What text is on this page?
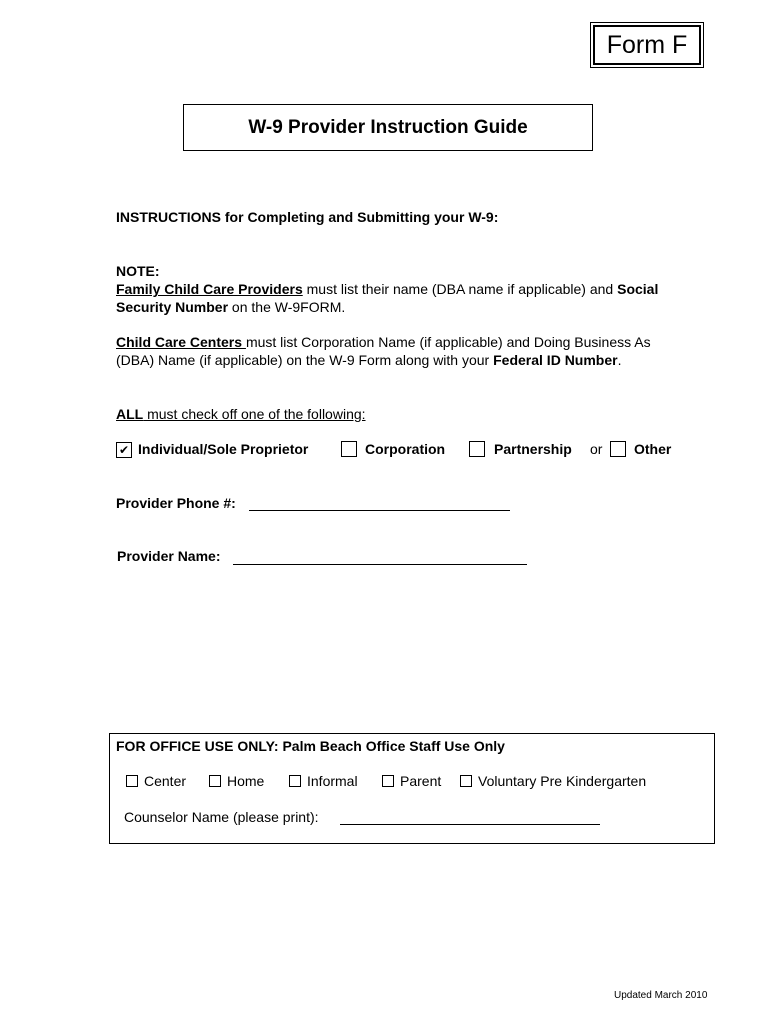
Form F
W-9 Provider Instruction Guide
INSTRUCTIONS for Completing and Submitting your W-9:
NOTE:
Family Child Care Providers must list their name (DBA name if applicable) and Social
Security Number on the W-9FORM.
Child Care Centers must list Corporation Name (if applicable) and Doing Business As
(DBA) Name (if applicable) on the W-9 Form along with your Federal ID Number.
ALL must check off one of the following:
✔ Individual/Sole Proprietor	Corporation	Partnership or Other
Provider Phone #:
Provider Name:
FOR OFFICE USE ONLY: Palm Beach Office Staff Use Only
Center	Home	Informal	Parent	Voluntary Pre Kindergarten
Counselor Name (please print):
Updated March 2010
